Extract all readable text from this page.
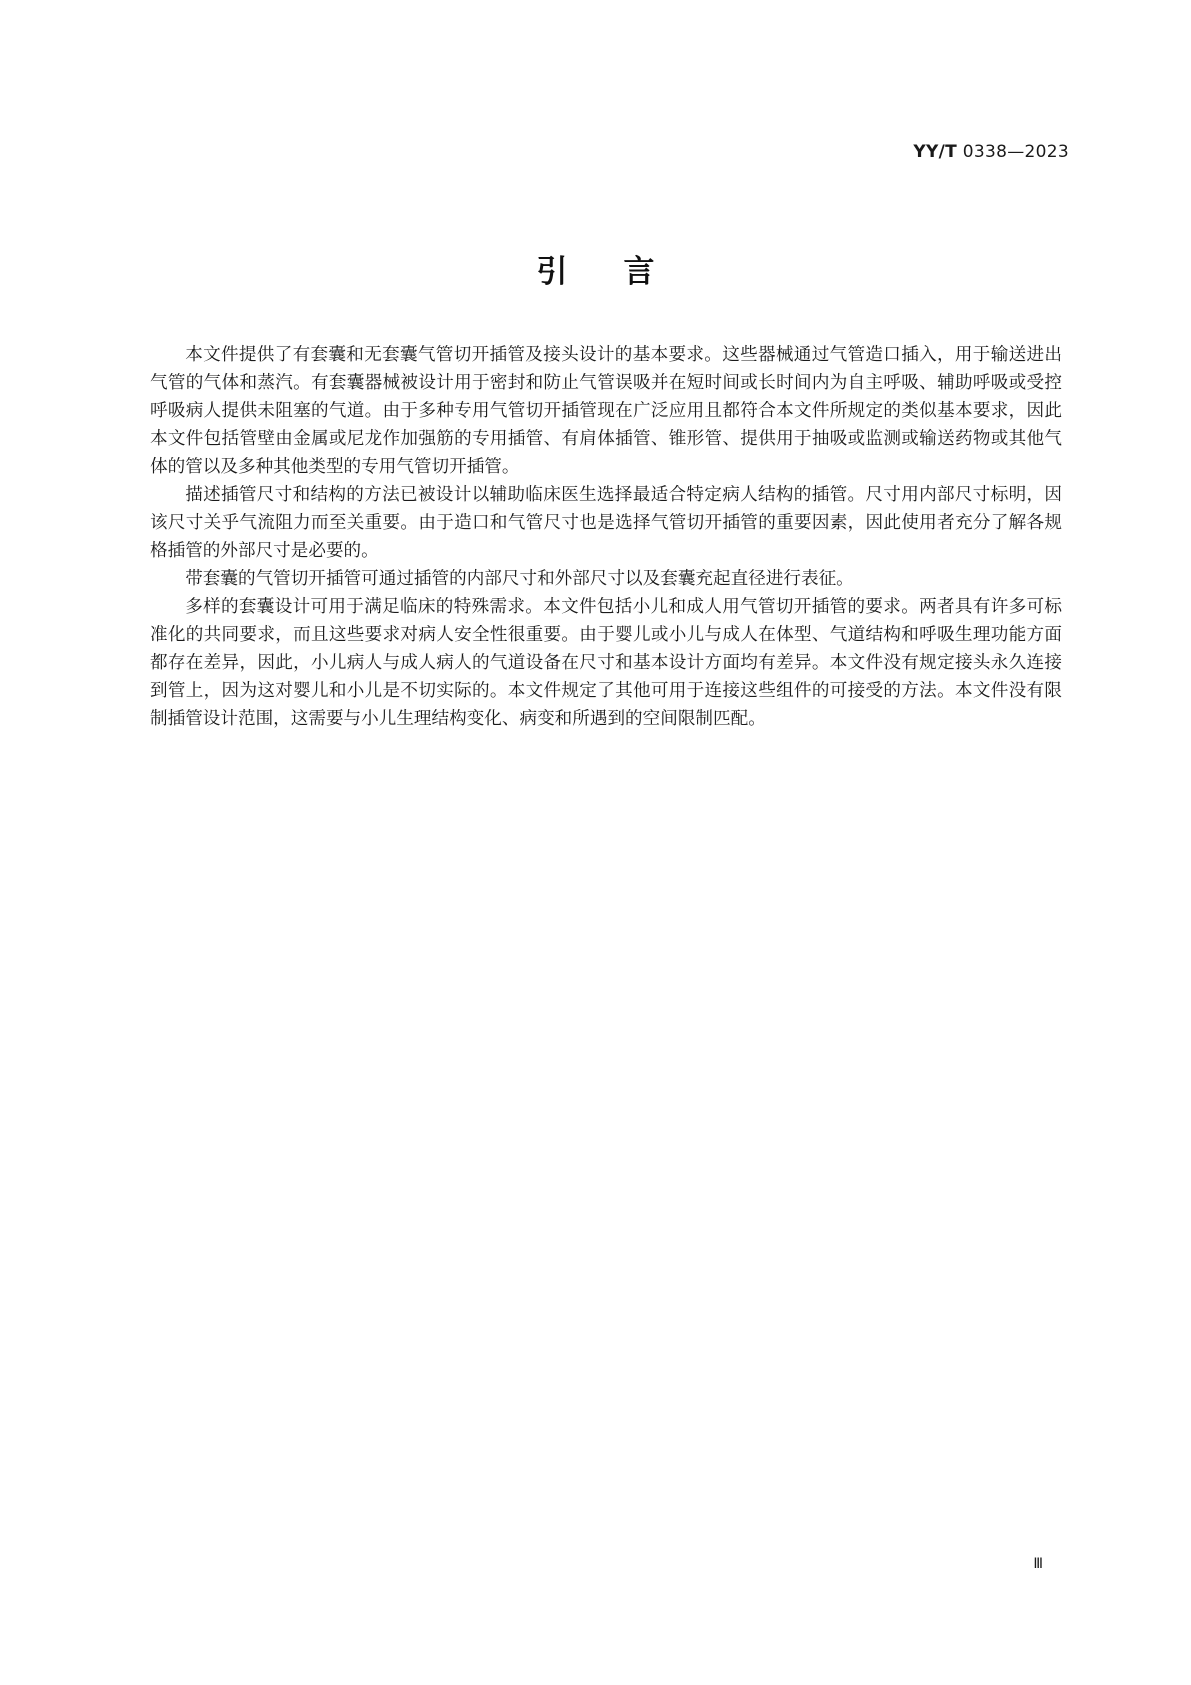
YY/T 0338—2023
引言

本文件提供了有套囊和无套囊气管切开插管及接头设计的基本要求。这些器械通过气管造口插入，用于输送进出气管的气体和蒸汽。有套囊器械被设计用于密封和防止气管误吸并在短时间或长时间内为自主呼吸、辅助呼吸或受控呼吸病人提供未阻塞的气道。由于多种专用气管切开插管现在广泛应用且都符合本文件所规定的类似基本要求，因此本文件包括管壁由金属或尼龙作加强筋的专用插管、有肩体插管、锥形管、提供用于抽吸或监测或输送药物或其他气体的管以及多种其他类型的专用气管切开插管。

描述插管尺寸和结构的方法已被设计以辅助临床医生选择最适合特定病人结构的插管。尺寸用内部尺寸标明，因该尺寸关乎气流阻力而至关重要。由于造口和气管尺寸也是选择气管切开插管的重要因素，因此使用者充分了解各规格插管的外部尺寸是必要的。

带套囊的气管切开插管可通过插管的内部尺寸和外部尺寸以及套囊充起直径进行表征。

多样的套囊设计可用于满足临床的特殊需求。本文件包括小儿和成人用气管切开插管的要求。两者具有许多可标准化的共同要求，而且这些要求对病人安全性很重要。由于婴儿或小儿与成人在体型、气道结构和呼吸生理功能方面都存在差异，因此，小儿病人与成人病人的气道设备在尺寸和基本设计方面均有差异。本文件没有规定接头永久连接到管上，因为这对婴儿和小儿是不切实际的。本文件规定了其他可用于连接这些组件的可接受的方法。本文件没有限制插管设计范围，这需要与小儿生理结构变化、病变和所遇到的空间限制匹配。

Ⅲ
